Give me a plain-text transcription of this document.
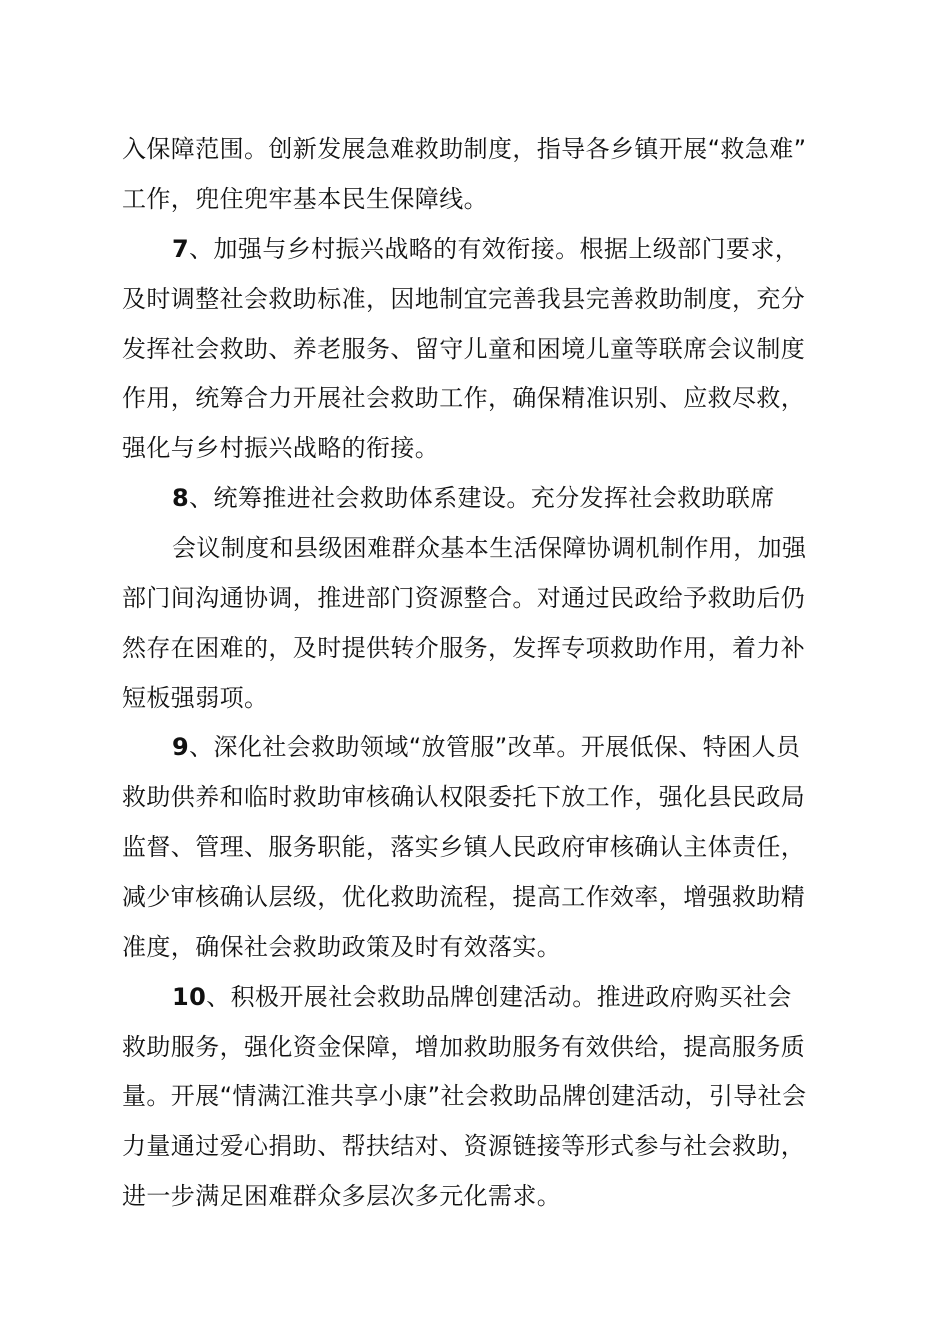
入保障范围。创新发展急难救助制度，指导各乡镇开展“救急难”
工作，兜住兜牢基本民生保障线。
7、加强与乡村振兴战略的有效衔接。根据上级部门要求，
及时调整社会救助标准，因地制宜完善我县完善救助制度，充分
发挥社会救助、养老服务、留守儿童和困境儿童等联席会议制度
作用，统筹合力开展社会救助工作，确保精准识别、应救尽救，
强化与乡村振兴战略的衔接。
8、统筹推进社会救助体系建设。充分发挥社会救助联席
会议制度和县级困难群众基本生活保障协调机制作用，加强
部门间沟通协调，推进部门资源整合。对通过民政给予救助后仍
然存在困难的，及时提供转介服务，发挥专项救助作用，着力补
短板强弱项。
9、深化社会救助领域“放管服”改革。开展低保、特困人员
救助供养和临时救助审核确认权限委托下放工作，强化县民政局
监督、管理、服务职能，落实乡镇人民政府审核确认主体责任，
减少审核确认层级，优化救助流程，提高工作效率，增强救助精
准度，确保社会救助政策及时有效落实。
10、积极开展社会救助品牌创建活动。推进政府购买社会
救助服务，强化资金保障，增加救助服务有效供给，提高服务质
量。开展“情满江淮共享小康”社会救助品牌创建活动，引导社会
力量通过爱心捐助、帮扶结对、资源链接等形式参与社会救助，
进一步满足困难群众多层次多元化需求。
